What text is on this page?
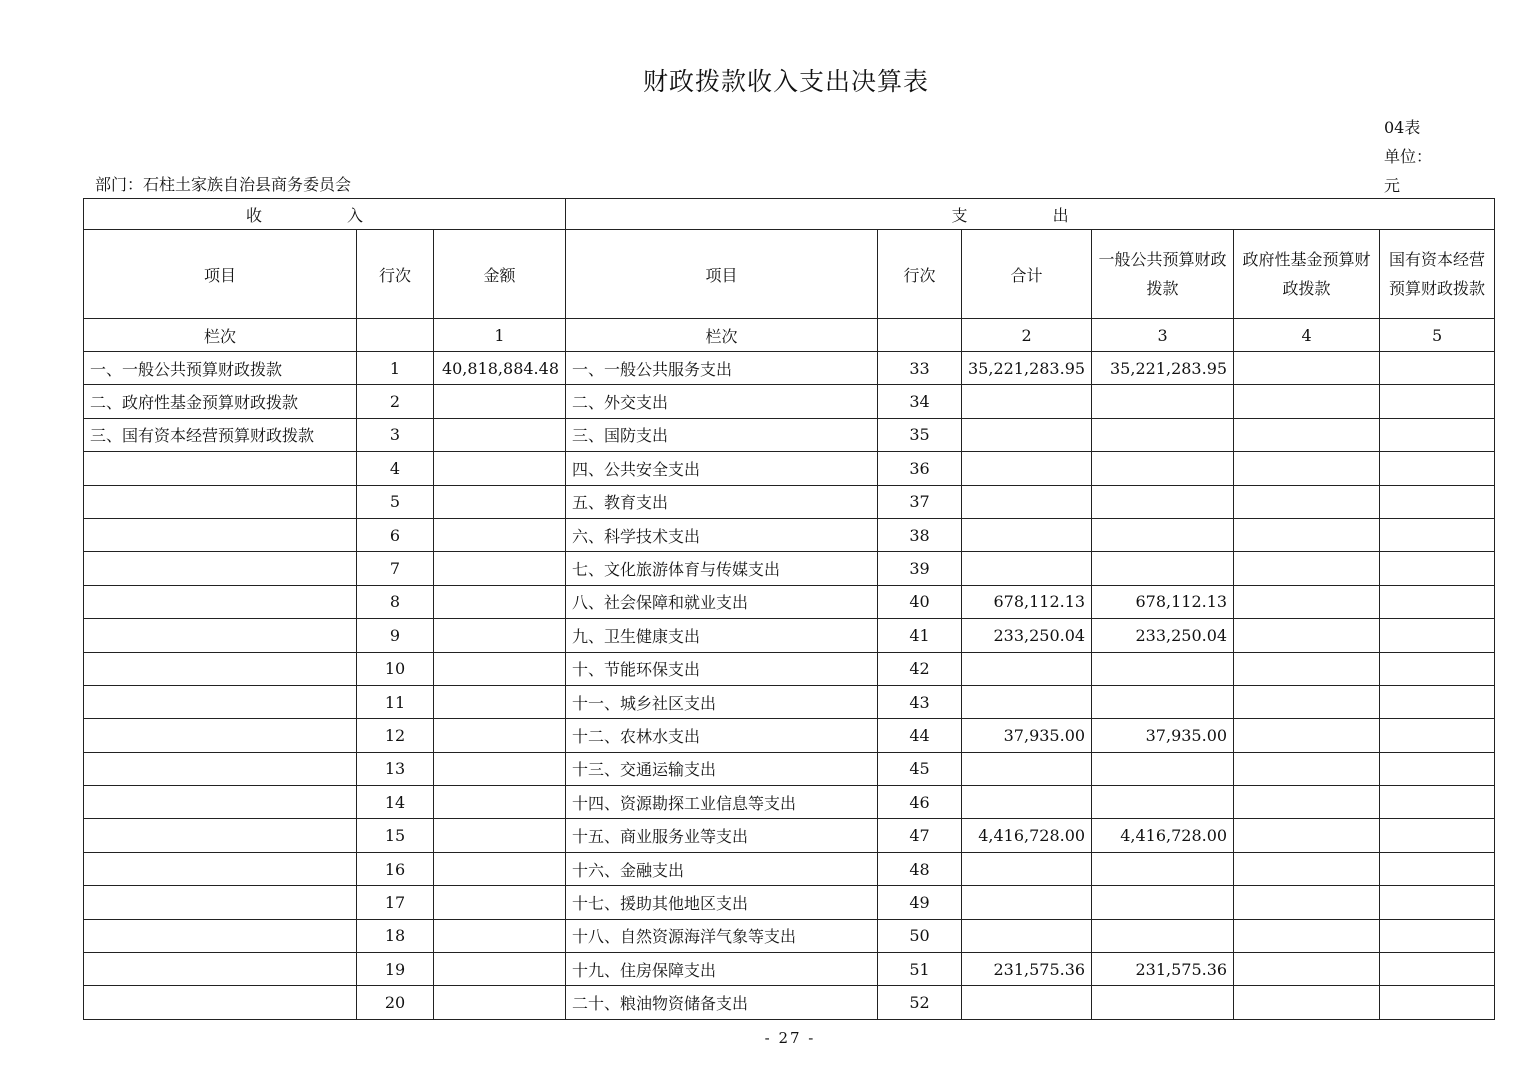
财政拨款收入支出决算表
04表
单位：
元
部门：石柱土家族自治县商务委员会
收 入			支 出					
项目	行次	金额	项目	行次	合计	一般公共预算财政拨款	政府性基金预算财政拨款	国有资本经营预算财政拨款
栏次		1	栏次		2	3	4	5
一、一般公共预算财政拨款	1	40,818,884.48	一、一般公共服务支出	33	35,221,283.95	35,221,283.95		
二、政府性基金预算财政拨款	2		二、外交支出	34				
三、国有资本经营预算财政拨款	3		三、国防支出	35				
	4		四、公共安全支出	36				
	5		五、教育支出	37				
	6		六、科学技术支出	38				
	7		七、文化旅游体育与传媒支出	39				
	8		八、社会保障和就业支出	40	678,112.13	678,112.13		
	9		九、卫生健康支出	41	233,250.04	233,250.04		
	10		十、节能环保支出	42				
	11		十一、城乡社区支出	43				
	12		十二、农林水支出	44	37,935.00	37,935.00		
	13		十三、交通运输支出	45				
	14		十四、资源勘探工业信息等支出	46				
	15		十五、商业服务业等支出	47	4,416,728.00	4,416,728.00		
	16		十六、金融支出	48				
	17		十七、援助其他地区支出	49				
	18		十八、自然资源海洋气象等支出	50				
	19		十九、住房保障支出	51	231,575.36	231,575.36		
	20		二十、粮油物资储备支出	52				
- 27 -
